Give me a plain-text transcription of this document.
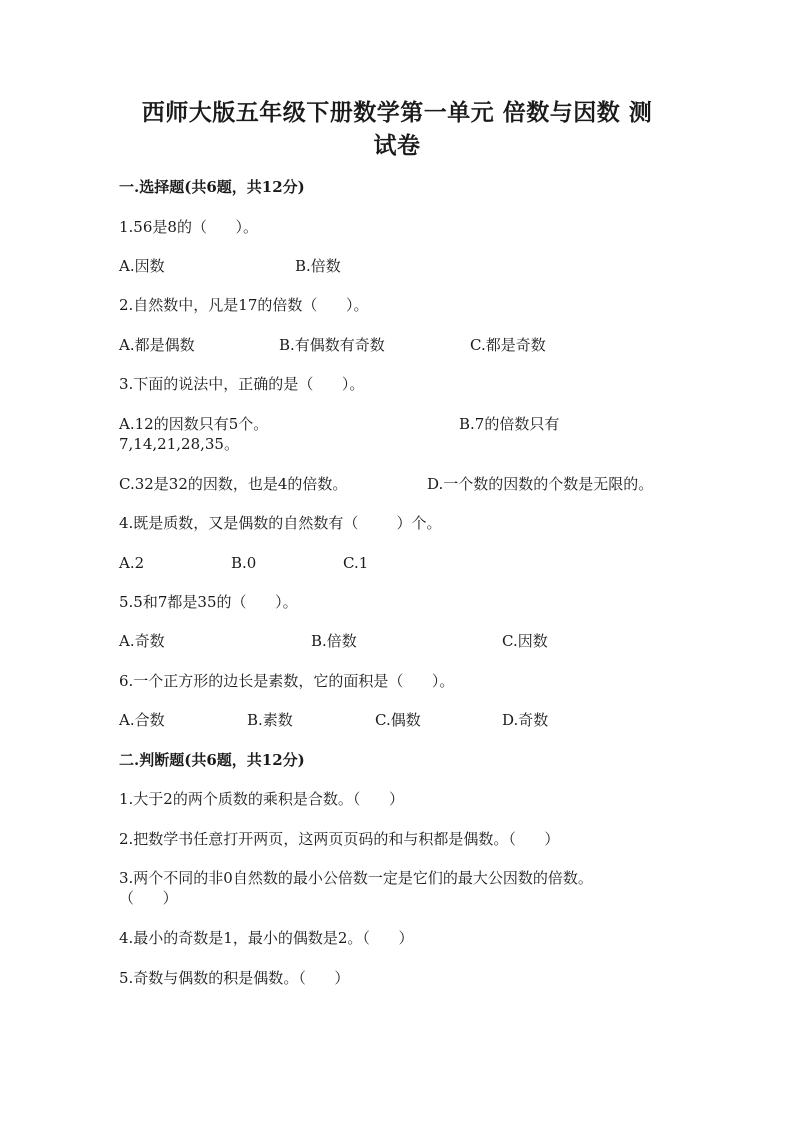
西师大版五年级下册数学第一单元 倍数与因数 测
试卷
一.选择题(共6题，共12分)
1.56是8的（      ）。
A.因数	B.倍数
2.自然数中，凡是17的倍数（      ）。
A.都是偶数	B.有偶数有奇数	C.都是奇数
3.下面的说法中，正确的是（      ）。
A.12的因数只有5个。	B.7的倍数只有
7,14,21,28,35。
C.32是32的因数，也是4的倍数。	D.一个数的因数的个数是无限的。
4.既是质数，又是偶数的自然数有（        ）个。
A.2	B.0	C.1
5.5和7都是35的（      ）。
A.奇数	B.倍数	C.因数
6.一个正方形的边长是素数，它的面积是（      ）。
A.合数	B.素数	C.偶数	D.奇数
二.判断题(共6题，共12分)
1.大于2的两个质数的乘积是合数。（      ）
2.把数学书任意打开两页，这两页页码的和与积都是偶数。（      ）
3.两个不同的非0自然数的最小公倍数一定是它们的最大公因数的倍数。
（      ）
4.最小的奇数是1，最小的偶数是2。（      ）
5.奇数与偶数的积是偶数。（      ）
